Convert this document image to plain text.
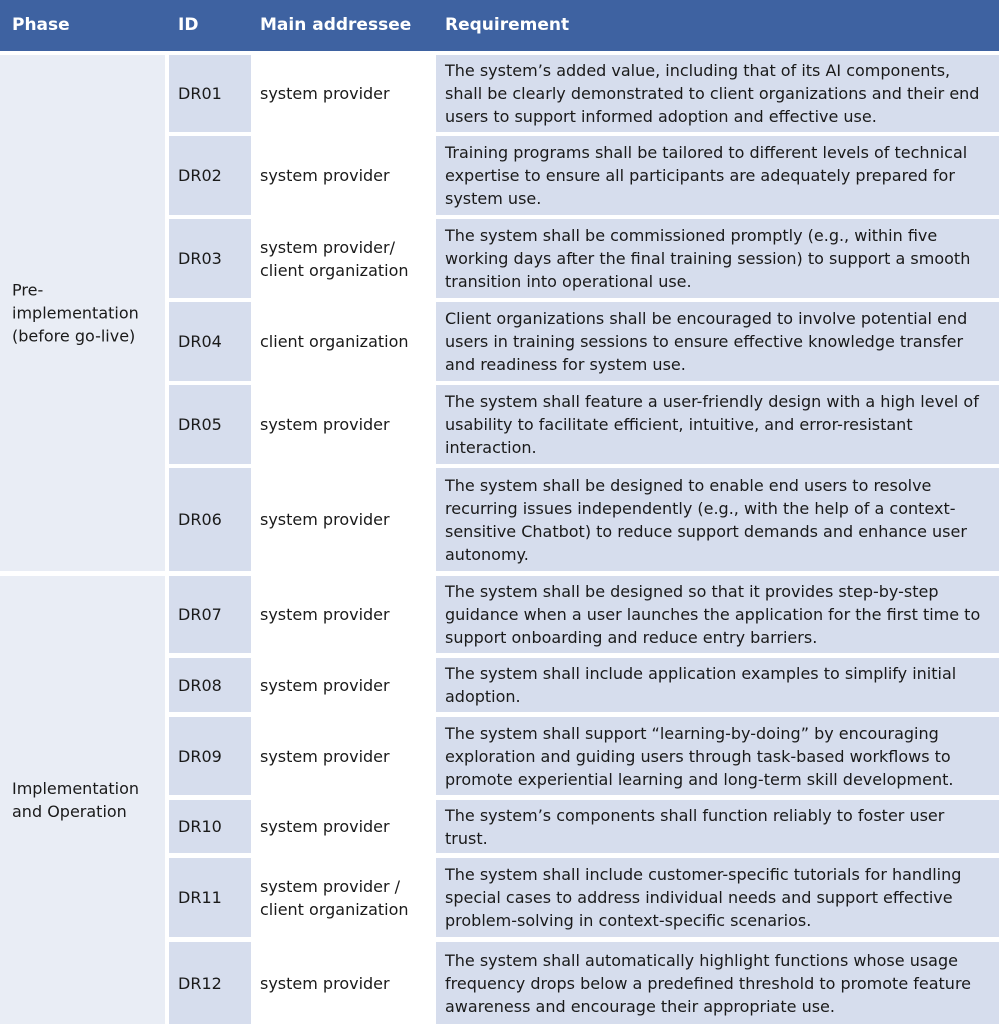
Phase	ID	Main addressee Requirement
Pre-
implementation
(before go-live)
Implementation
and Operation
DR01 system provider
The system’s added value, including that of its AI components, shall be clearly demonstrated to client organizations and their end users to support informed adoption and effective use.
DR02 system provider
Training programs shall be tailored to different levels of technical expertise to ensure all participants are adequately prepared for system use.
DR03
system provider/
client organization
The system shall be commissioned promptly (e.g., within five working days after the final training session) to support a smooth transition into operational use.
DR04 client organization
Client organizations shall be encouraged to involve potential end users in training sessions to ensure effective knowledge transfer and readiness for system use.
DR05 system provider
The system shall feature a user-friendly design with a high level of usability to facilitate efficient, intuitive, and error-resistant interaction.
DR06 system provider
The system shall be designed to enable end users to resolve recurring issues independently (e.g., with the help of a context-sensitive Chatbot) to reduce support demands and enhance user autonomy.
DR07 system provider
The system shall be designed so that it provides step-by-step guidance when a user launches the application for the first time to support onboarding and reduce entry barriers.
DR08 system provider
The system shall include application examples to simplify initial adoption.
DR09 system provider
The system shall support “learning-by-doing” by encouraging exploration and guiding users through task-based workflows to promote experiential learning and long-term skill development.
DR10 system provider
The system’s components shall function reliably to foster user trust.
DR11
system provider /
client organization
The system shall include customer-specific tutorials for handling special cases to address individual needs and support effective problem-solving in context-specific scenarios.
DR12 system provider
The system shall automatically highlight functions whose usage frequency drops below a predefined threshold to promote feature awareness and encourage their appropriate use.
